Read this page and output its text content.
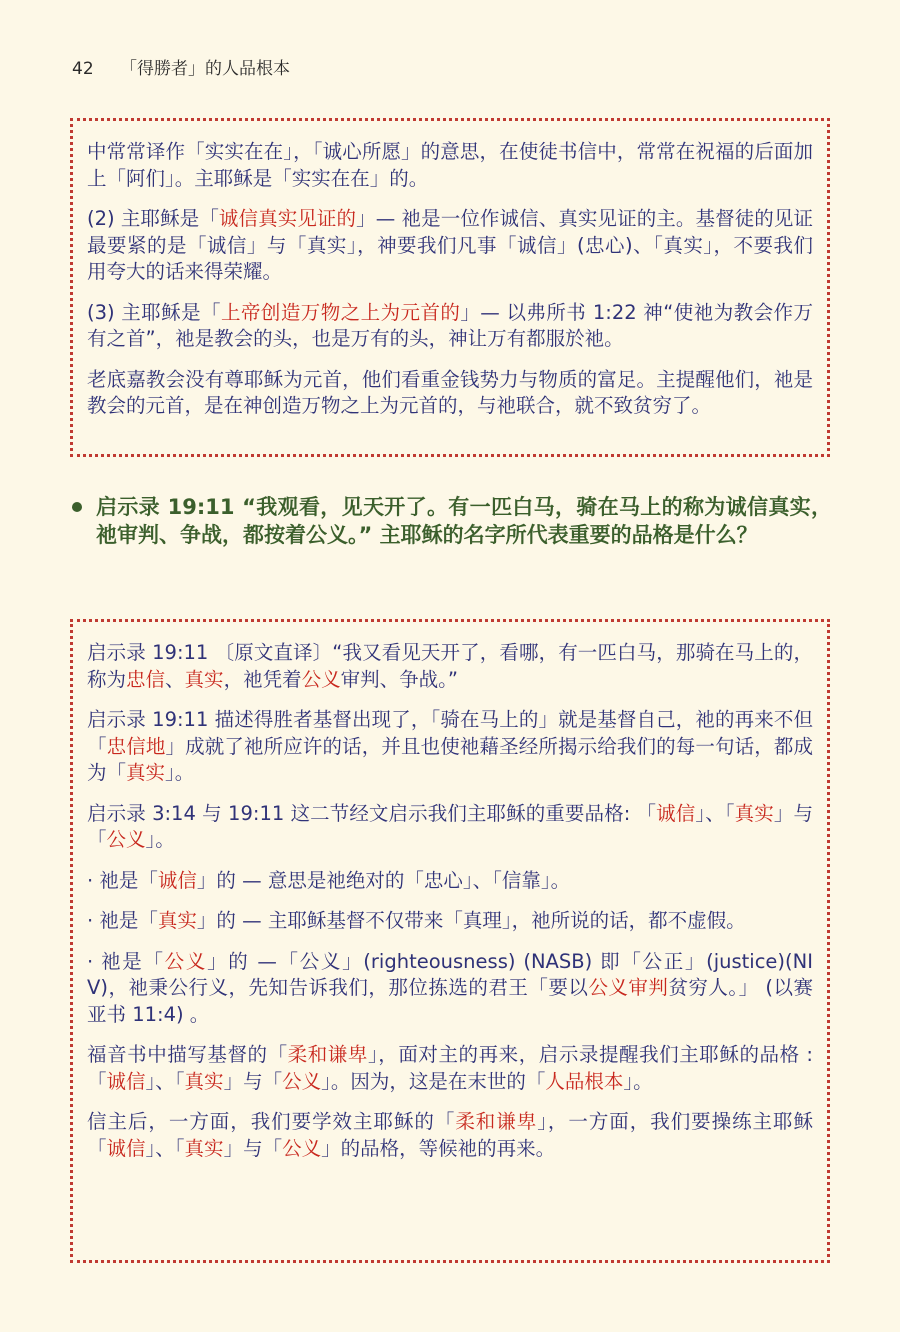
42 「得勝者」的人品根本

中常常译作「实实在在」，「诚心所愿」的意思，在使徒书信中，常常在祝福的后面加上「阿们」。主耶稣是「实实在在」的。

(2) 主耶稣是「诚信真实见证的」— 祂是一位作诚信、真实见证的主。基督徒的见证最要紧的是「诚信」与「真实」，神要我们凡事「诚信」(忠心)、「真实」，不要我们用夸大的话来得荣耀。

(3) 主耶稣是「上帝创造万物之上为元首的」— 以弗所书 1:22 神“使祂为教会作万有之首”，祂是教会的头，也是万有的头，神让万有都服於祂。

老底嘉教会没有尊耶稣为元首，他们看重金钱势力与物质的富足。主提醒他们，祂是教会的元首，是在神创造万物之上为元首的，与祂联合，就不致贫穷了。

启示录 19:11 “我观看，见天开了。有一匹白马，骑在马上的称为诚信真实，祂审判、争战，都按着公义。” 主耶稣的名字所代表重要的品格是什么？

启示录 19:11 〔原文直译〕“我又看见天开了，看哪，有一匹白马，那骑在马上的，称为忠信、真实，祂凭着公义审判、争战。”

启示录 19:11 描述得胜者基督出现了，「骑在马上的」就是基督自己，祂的再来不但「忠信地」成就了祂所应许的话，并且也使祂藉圣经所揭示给我们的每一句话，都成为「真实」。

启示录 3:14 与 19:11 这二节经文启示我们主耶稣的重要品格: 「诚信」、「真实」与「公义」。

· 祂是「诚信」的 — 意思是祂绝对的「忠心」、「信靠」。

· 祂是「真实」的 — 主耶稣基督不仅带来「真理」，祂所说的话，都不虚假。

· 祂是「公义」的 —「公义」(righteousness) (NASB) 即「公正」(justice)(NIV)，祂秉公行义，先知告诉我们，那位拣选的君王「要以公义审判贫穷人。」 (以赛亚书 11:4) 。

福音书中描写基督的「柔和谦卑」，面对主的再来，启示录提醒我们主耶稣的品格 :「诚信」、「真实」与「公义」。因为，这是在末世的「人品根本」。

信主后，一方面，我们要学效主耶稣的「柔和谦卑」，一方面，我们要操练主耶稣「诚信」、「真实」与「公义」的品格，等候祂的再来。
